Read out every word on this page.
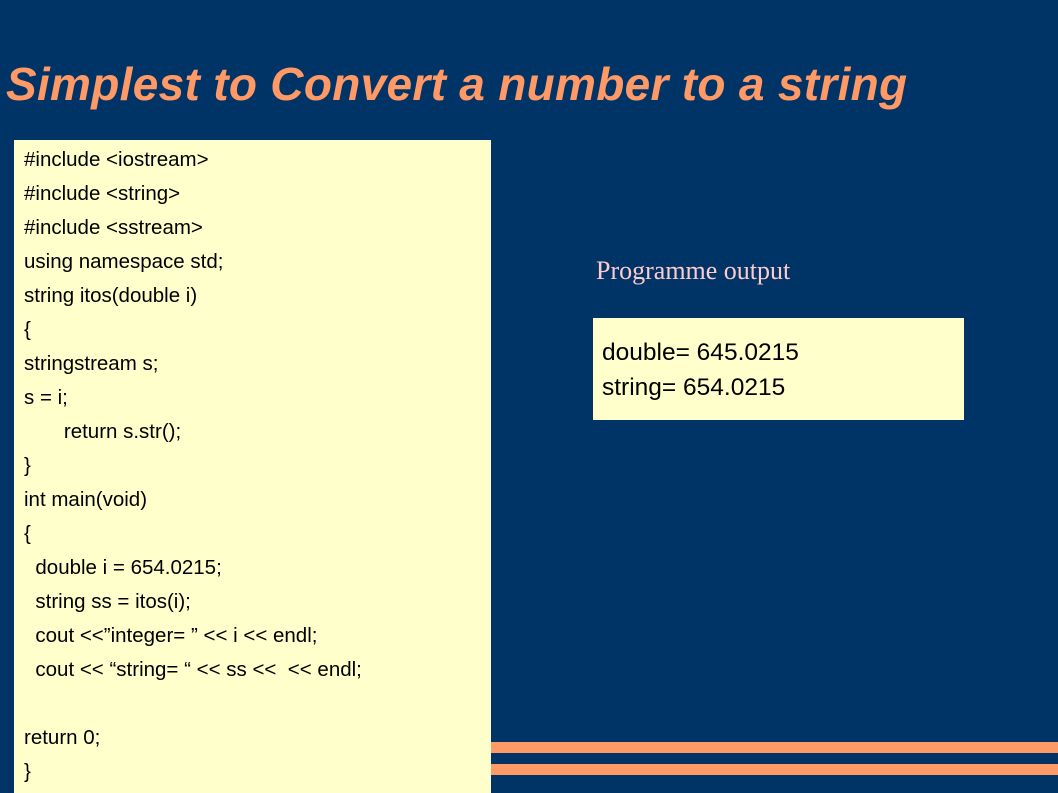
Simplest to Convert a number to a string
#include <iostream>
#include <string>
#include <sstream>
using namespace std;
string itos(double i)
{
stringstream s;
s = i;
return s.str();
}
int main(void)
{
double i = 654.0215;
string ss = itos(i);
cout <<”integer= ” << i << endl;
cout << “string= “ << ss <<  << endl;
return 0;
}

Programme output

double= 645.0215
string= 654.0215
